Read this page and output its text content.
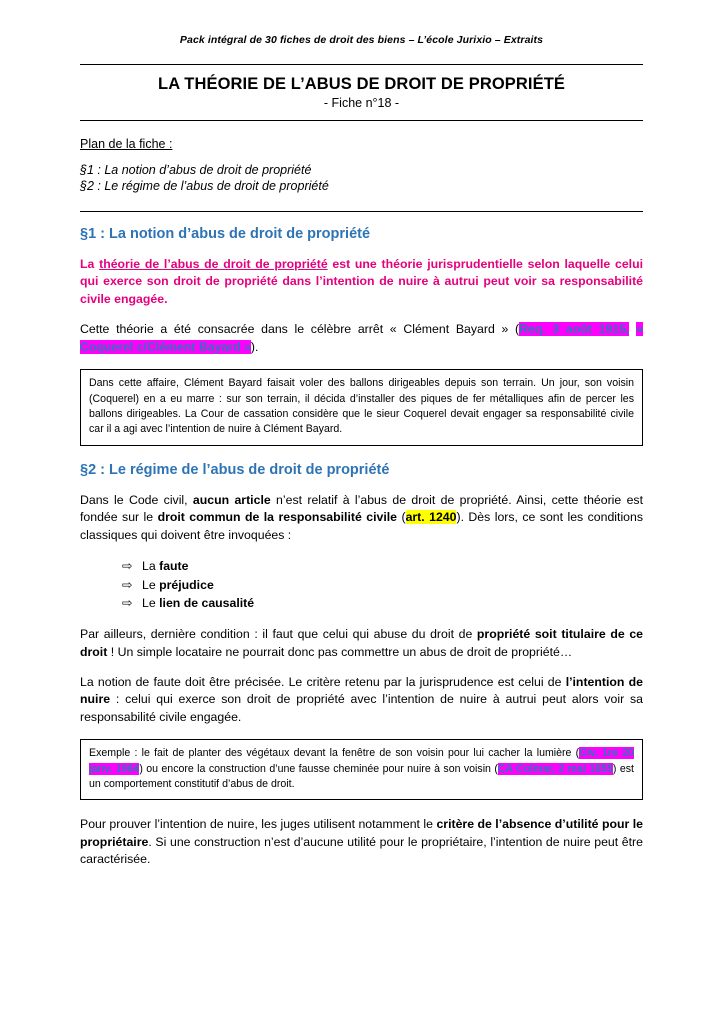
Pack intégral de 30 fiches de droit des biens – L’école Jurixio – Extraits
LA THÉORIE DE L’ABUS DE DROIT DE PROPRIÉTÉ
- Fiche n°18 -
Plan de la fiche :
§1 : La notion d’abus de droit de propriété
§2 : Le régime de l’abus de droit de propriété
§1 : La notion d’abus de droit de propriété

La théorie de l’abus de droit de propriété est une théorie jurisprudentielle selon laquelle celui qui exerce son droit de propriété dans l’intention de nuire à autrui peut voir sa responsabilité civile engagée.

Cette théorie a été consacrée dans le célèbre arrêt « Clément Bayard » (Req. 3 août 1915, « Coquerel c/Clément Bayard »).

Dans cette affaire, Clément Bayard faisait voler des ballons dirigeables depuis son terrain. Un jour, son voisin (Coquerel) en a eu marre : sur son terrain, il décida d’installer des piques de fer métalliques afin de percer les ballons dirigeables. La Cour de cassation considère que le sieur Coquerel devait engager sa responsabilité civile car il a agi avec l’intention de nuire à Clément Bayard.
§2 : Le régime de l’abus de droit de propriété

Dans le Code civil, aucun article n’est relatif à l’abus de droit de propriété. Ainsi, cette théorie est fondée sur le droit commun de la responsabilité civile (art. 1240). Dès lors, ce sont les conditions classiques qui doivent être invoquées :

⇨ La faute
⇨ Le préjudice
⇨ Le lien de causalité

Par ailleurs, dernière condition : il faut que celui qui abuse du droit de propriété soit titulaire de ce droit ! Un simple locataire ne pourrait donc pas commettre un abus de droit de propriété…

La notion de faute doit être précisée. Le critère retenu par la jurisprudence est celui de l’intention de nuire : celui qui exerce son droit de propriété avec l’intention de nuire à autrui peut alors voir sa responsabilité civile engagée.

Exemple : le fait de planter des végétaux devant la fenêtre de son voisin pour lui cacher la lumière (Civ. 1re 20 janv. 1964) ou encore la construction d’une fausse cheminée pour nuire à son voisin (CA Colmar, 2 mai 1855) est un comportement constitutif d’abus de droit.

Pour prouver l’intention de nuire, les juges utilisent notamment le critère de l’absence d’utilité pour le propriétaire. Si une construction n’est d’aucune utilité pour le propriétaire, l’intention de nuire peut être caractérisée.
